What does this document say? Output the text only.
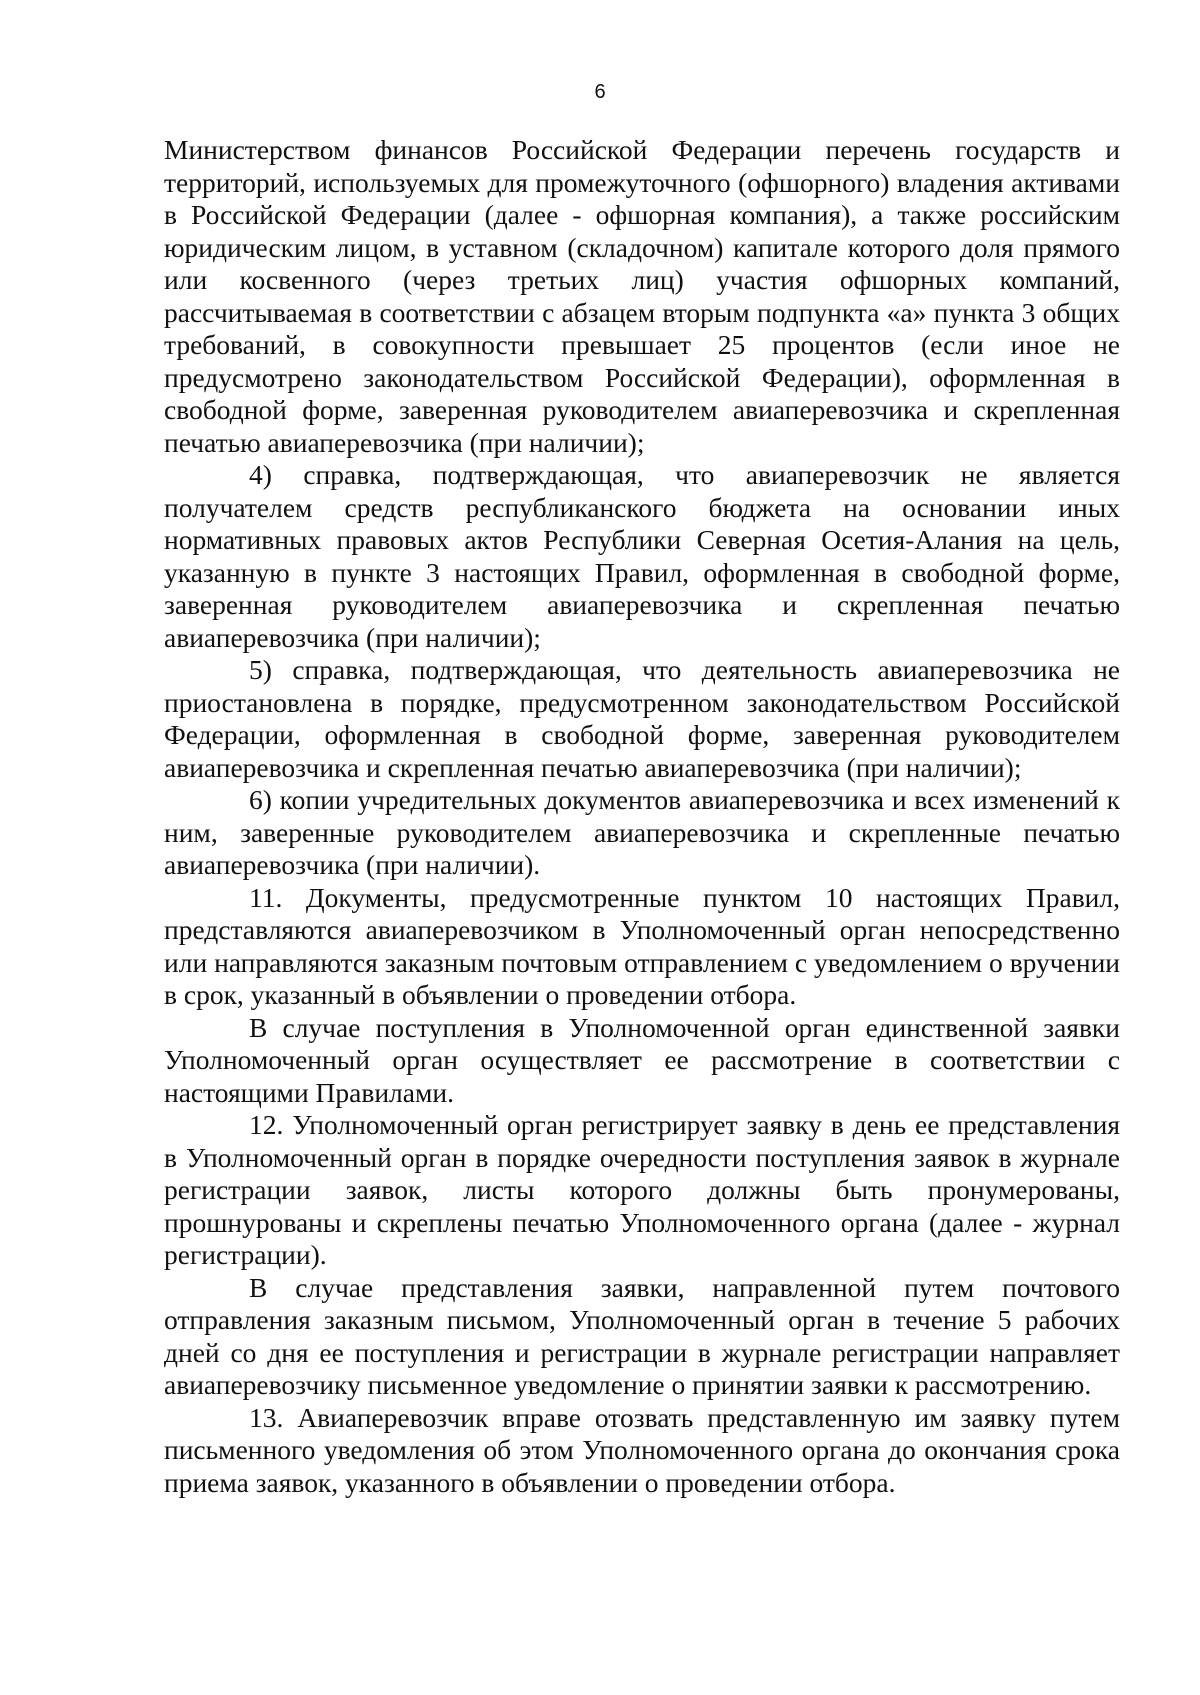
6

Министерством финансов Российской Федерации перечень государств и территорий, используемых для промежуточного (офшорного) владения активами в Российской Федерации (далее - офшорная компания), а также российским юридическим лицом, в уставном (складочном) капитале которого доля прямого или косвенного (через третьих лиц) участия офшорных компаний, рассчитываемая в соответствии с абзацем вторым подпункта «а» пункта 3 общих требований, в совокупности превышает 25 процентов (если иное не предусмотрено законодательством Российской Федерации), оформленная в свободной форме, заверенная руководителем авиаперевозчика и скрепленная печатью авиаперевозчика (при наличии);

4) справка, подтверждающая, что авиаперевозчик не является получателем средств республиканского бюджета на основании иных нормативных правовых актов Республики Северная Осетия-Алания на цель, указанную в пункте 3 настоящих Правил, оформленная в свободной форме, заверенная руководителем авиаперевозчика и скрепленная печатью авиаперевозчика (при наличии);

5) справка, подтверждающая, что деятельность авиаперевозчика не приостановлена в порядке, предусмотренном законодательством Российской Федерации, оформленная в свободной форме, заверенная руководителем авиаперевозчика и скрепленная печатью авиаперевозчика (при наличии);

6) копии учредительных документов авиаперевозчика и всех изменений к ним, заверенные руководителем авиаперевозчика и скрепленные печатью авиаперевозчика (при наличии).

11. Документы, предусмотренные пунктом 10 настоящих Правил, представляются авиаперевозчиком в Уполномоченный орган непосредственно или направляются заказным почтовым отправлением с уведомлением о вручении в срок, указанный в объявлении о проведении отбора.

В случае поступления в Уполномоченной орган единственной заявки Уполномоченный орган осуществляет ее рассмотрение в соответствии с настоящими Правилами.

12. Уполномоченный орган регистрирует заявку в день ее представления в Уполномоченный орган в порядке очередности поступления заявок в журнале регистрации заявок, листы которого должны быть пронумерованы, прошнурованы и скреплены печатью Уполномоченного органа (далее - журнал регистрации).

В случае представления заявки, направленной путем почтового отправления заказным письмом, Уполномоченный орган в течение 5 рабочих дней со дня ее поступления и регистрации в журнале регистрации направляет авиаперевозчику письменное уведомление о принятии заявки к рассмотрению.

13. Авиаперевозчик вправе отозвать представленную им заявку путем письменного уведомления об этом Уполномоченного органа до окончания срока приема заявок, указанного в объявлении о проведении отбора.
